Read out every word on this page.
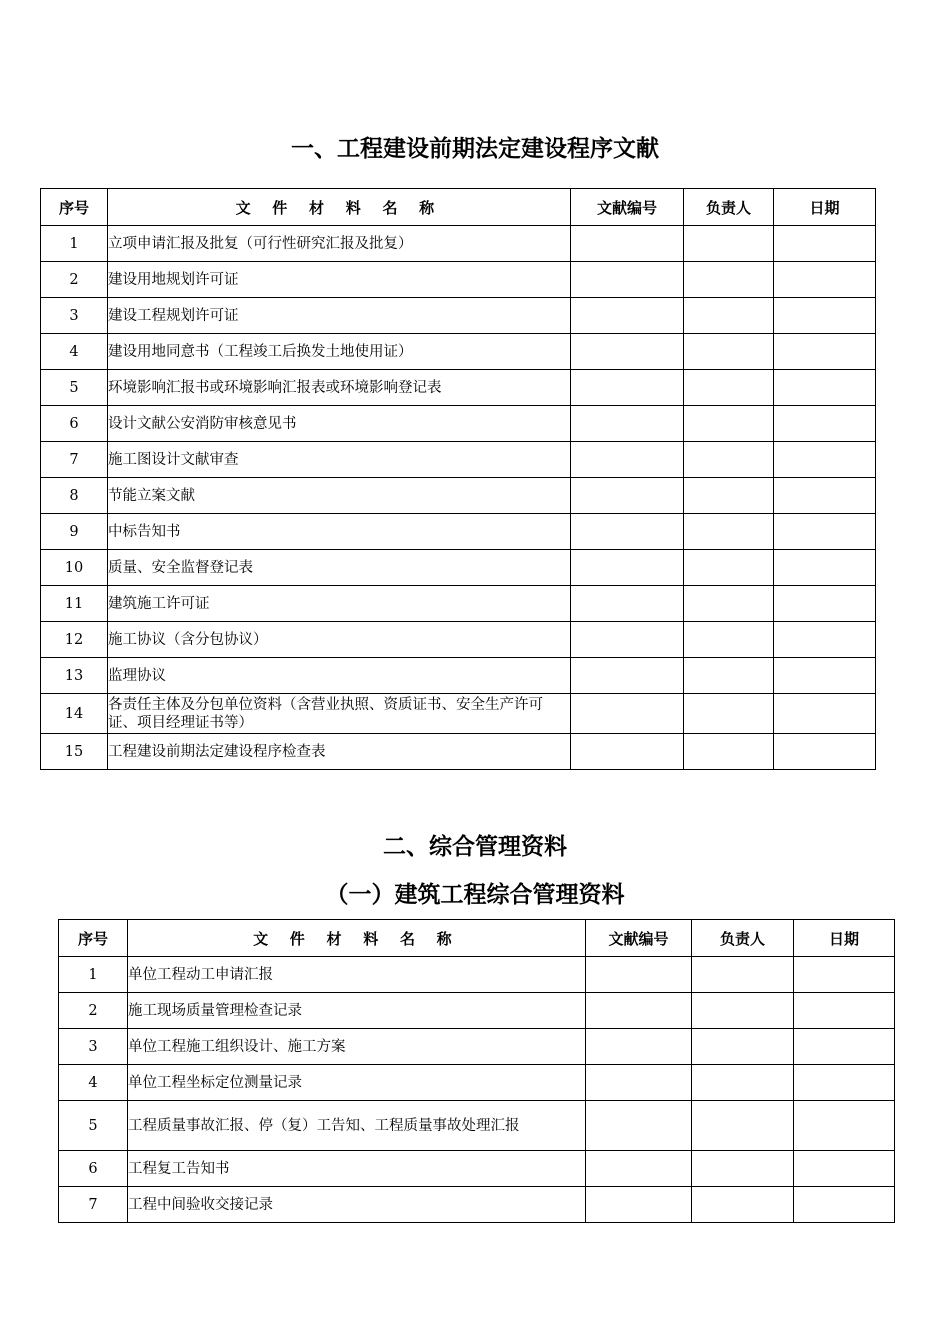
一、工程建设前期法定建设程序文献
序号	文 件 材 料 名 称	文献编号	负责人	日期
1	立项申请汇报及批复（可行性研究汇报及批复）			
2	建设用地规划许可证			
3	建设工程规划许可证			
4	建设用地同意书（工程竣工后换发土地使用证）			
5	环境影响汇报书或环境影响汇报表或环境影响登记表			
6	设计文献公安消防审核意见书			
7	施工图设计文献审查			
8	节能立案文献			
9	中标告知书			
10	质量、安全监督登记表			
11	建筑施工许可证			
12	施工协议（含分包协议）			
13	监理协议			
14	各责任主体及分包单位资料（含营业执照、资质证书、安全生产许可证、项目经理证书等）			
15	工程建设前期法定建设程序检查表			
二、综合管理资料
（一）建筑工程综合管理资料
序号	文 件 材 料 名 称	文献编号	负责人	日期
1	单位工程动工申请汇报			
2	施工现场质量管理检查记录			
3	单位工程施工组织设计、施工方案			
4	单位工程坐标定位测量记录			
5	工程质量事故汇报、停（复）工告知、工程质量事故处理汇报			
6	工程复工告知书			
7	工程中间验收交接记录			
